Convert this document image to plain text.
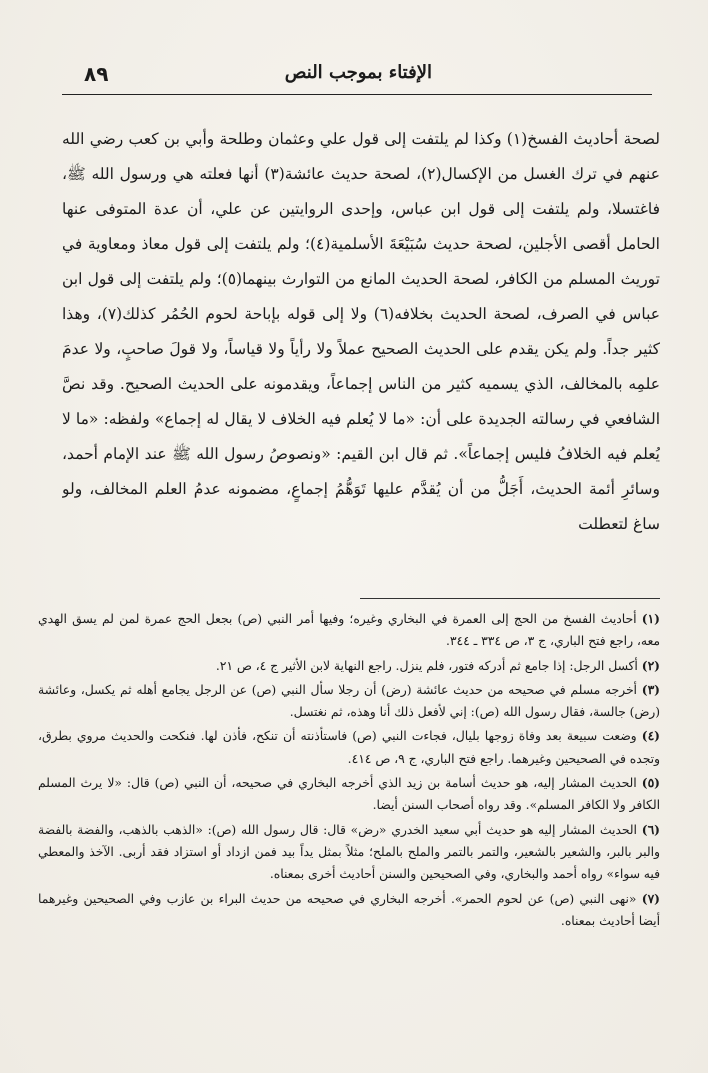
٨٩	الإفتاء بموجب النص

لصحة أحاديث الفسخ(١) وكذا لم يلتفت إلى قول علي وعثمان وطلحة وأبي بن كعب رضي الله عنهم في ترك الغسل من الإكسال(٢)، لصحة حديث عائشة(٣) أنها فعلته هي ورسول الله ﷺ، فاغتسلا، ولم يلتفت إلى قول ابن عباس، وإحدى الروايتين عن علي، أن عدة المتوفى عنها الحامل أقصى الأجلين، لصحة حديث سُبَيْعَةَ الأسلمية(٤)؛ ولم يلتفت إلى قول معاذ ومعاوية في توريث المسلم من الكافر، لصحة الحديث المانع من التوارث بينهما(٥)؛ ولم يلتفت إلى قول ابن عباس في الصرف، لصحة الحديث بخلافه(٦) ولا إلى قوله بإباحة لحوم الحُمُر كذلك(٧)، وهذا كثير جداً. ولم يكن يقدم على الحديث الصحيح عملاً ولا رأياً ولا قياساً، ولا قولَ صاحبٍ، ولا عدمَ علمِه بالمخالف، الذي يسميه كثير من الناس إجماعاً، ويقدمونه على الحديث الصحيح. وقد نصَّ الشافعي في رسالته الجديدة على أن: «ما لا يُعلم فيه الخلاف لا يقال له إجماع» ولفظه: «ما لا يُعلم فيه الخلافُ فليس إجماعاً». ثم قال ابن القيم: «ونصوصُ رسول الله ﷺ عند الإمام أحمد، وسائرِ أئمة الحديث، أَجَلُّ من أن يُقدَّم عليها تَوَهُّمُ إجماعٍ، مضمونه عدمُ العلم المخالف، ولو ساغ لتعطلت

(١) أحاديث الفسخ من الحج إلى العمرة في البخاري وغيره؛ وفيها أمر النبي (ص) بجعل الحج عمرة لمن لم يسق الهدي معه، راجع فتح الباري، ج ٣، ص ٣٣٤ ـ ٣٤٤.

(٢) أكسل الرجل: إذا جامع ثم أدركه فتور، فلم ينزل. راجع النهاية لابن الأثير ج ٤، ص ٢١.

(٣) أخرجه مسلم في صحيحه من حديث عائشة (رض) أن رجلا سأل النبي (ص) عن الرجل يجامع أهله ثم يكسل، وعائشة (رض) جالسة، فقال رسول الله (ص): إني لأفعل ذلك أنا وهذه، ثم نغتسل.

(٤) وضعت سبيعة بعد وفاة زوجها بليال، فجاءت النبي (ص) فاستأذنته أن تنكح، فأذن لها. فنكحت والحديث مروي بطرق، وتجده في الصحيحين وغيرهما. راجع فتح الباري، ج ٩، ص ٤١٤.

(٥) الحديث المشار إليه، هو حديث أسامة بن زيد الذي أخرجه البخاري في صحيحه، أن النبي (ص) قال: «لا يرث المسلم الكافر ولا الكافر المسلم». وقد رواه أصحاب السنن أيضا.

(٦) الحديث المشار إليه هو حديث أبي سعيد الخدري «رض» قال: قال رسول الله (ص): «الذهب بالذهب، والفضة بالفضة والبر بالبر، والشعير بالشعير، والتمر بالتمر والملح بالملح؛ مثلاً بمثل يداً بيد فمن ازداد أو استزاد فقد أربى. الآخذ والمعطي فيه سواء» رواه أحمد والبخاري، وفي الصحيحين والسنن أحاديث أخرى بمعناه.

(٧) «نهى النبي (ص) عن لحوم الحمر». أخرجه البخاري في صحيحه من حديث البراء بن عازب وفي الصحيحين وغيرهما أيضا أحاديث بمعناه.
